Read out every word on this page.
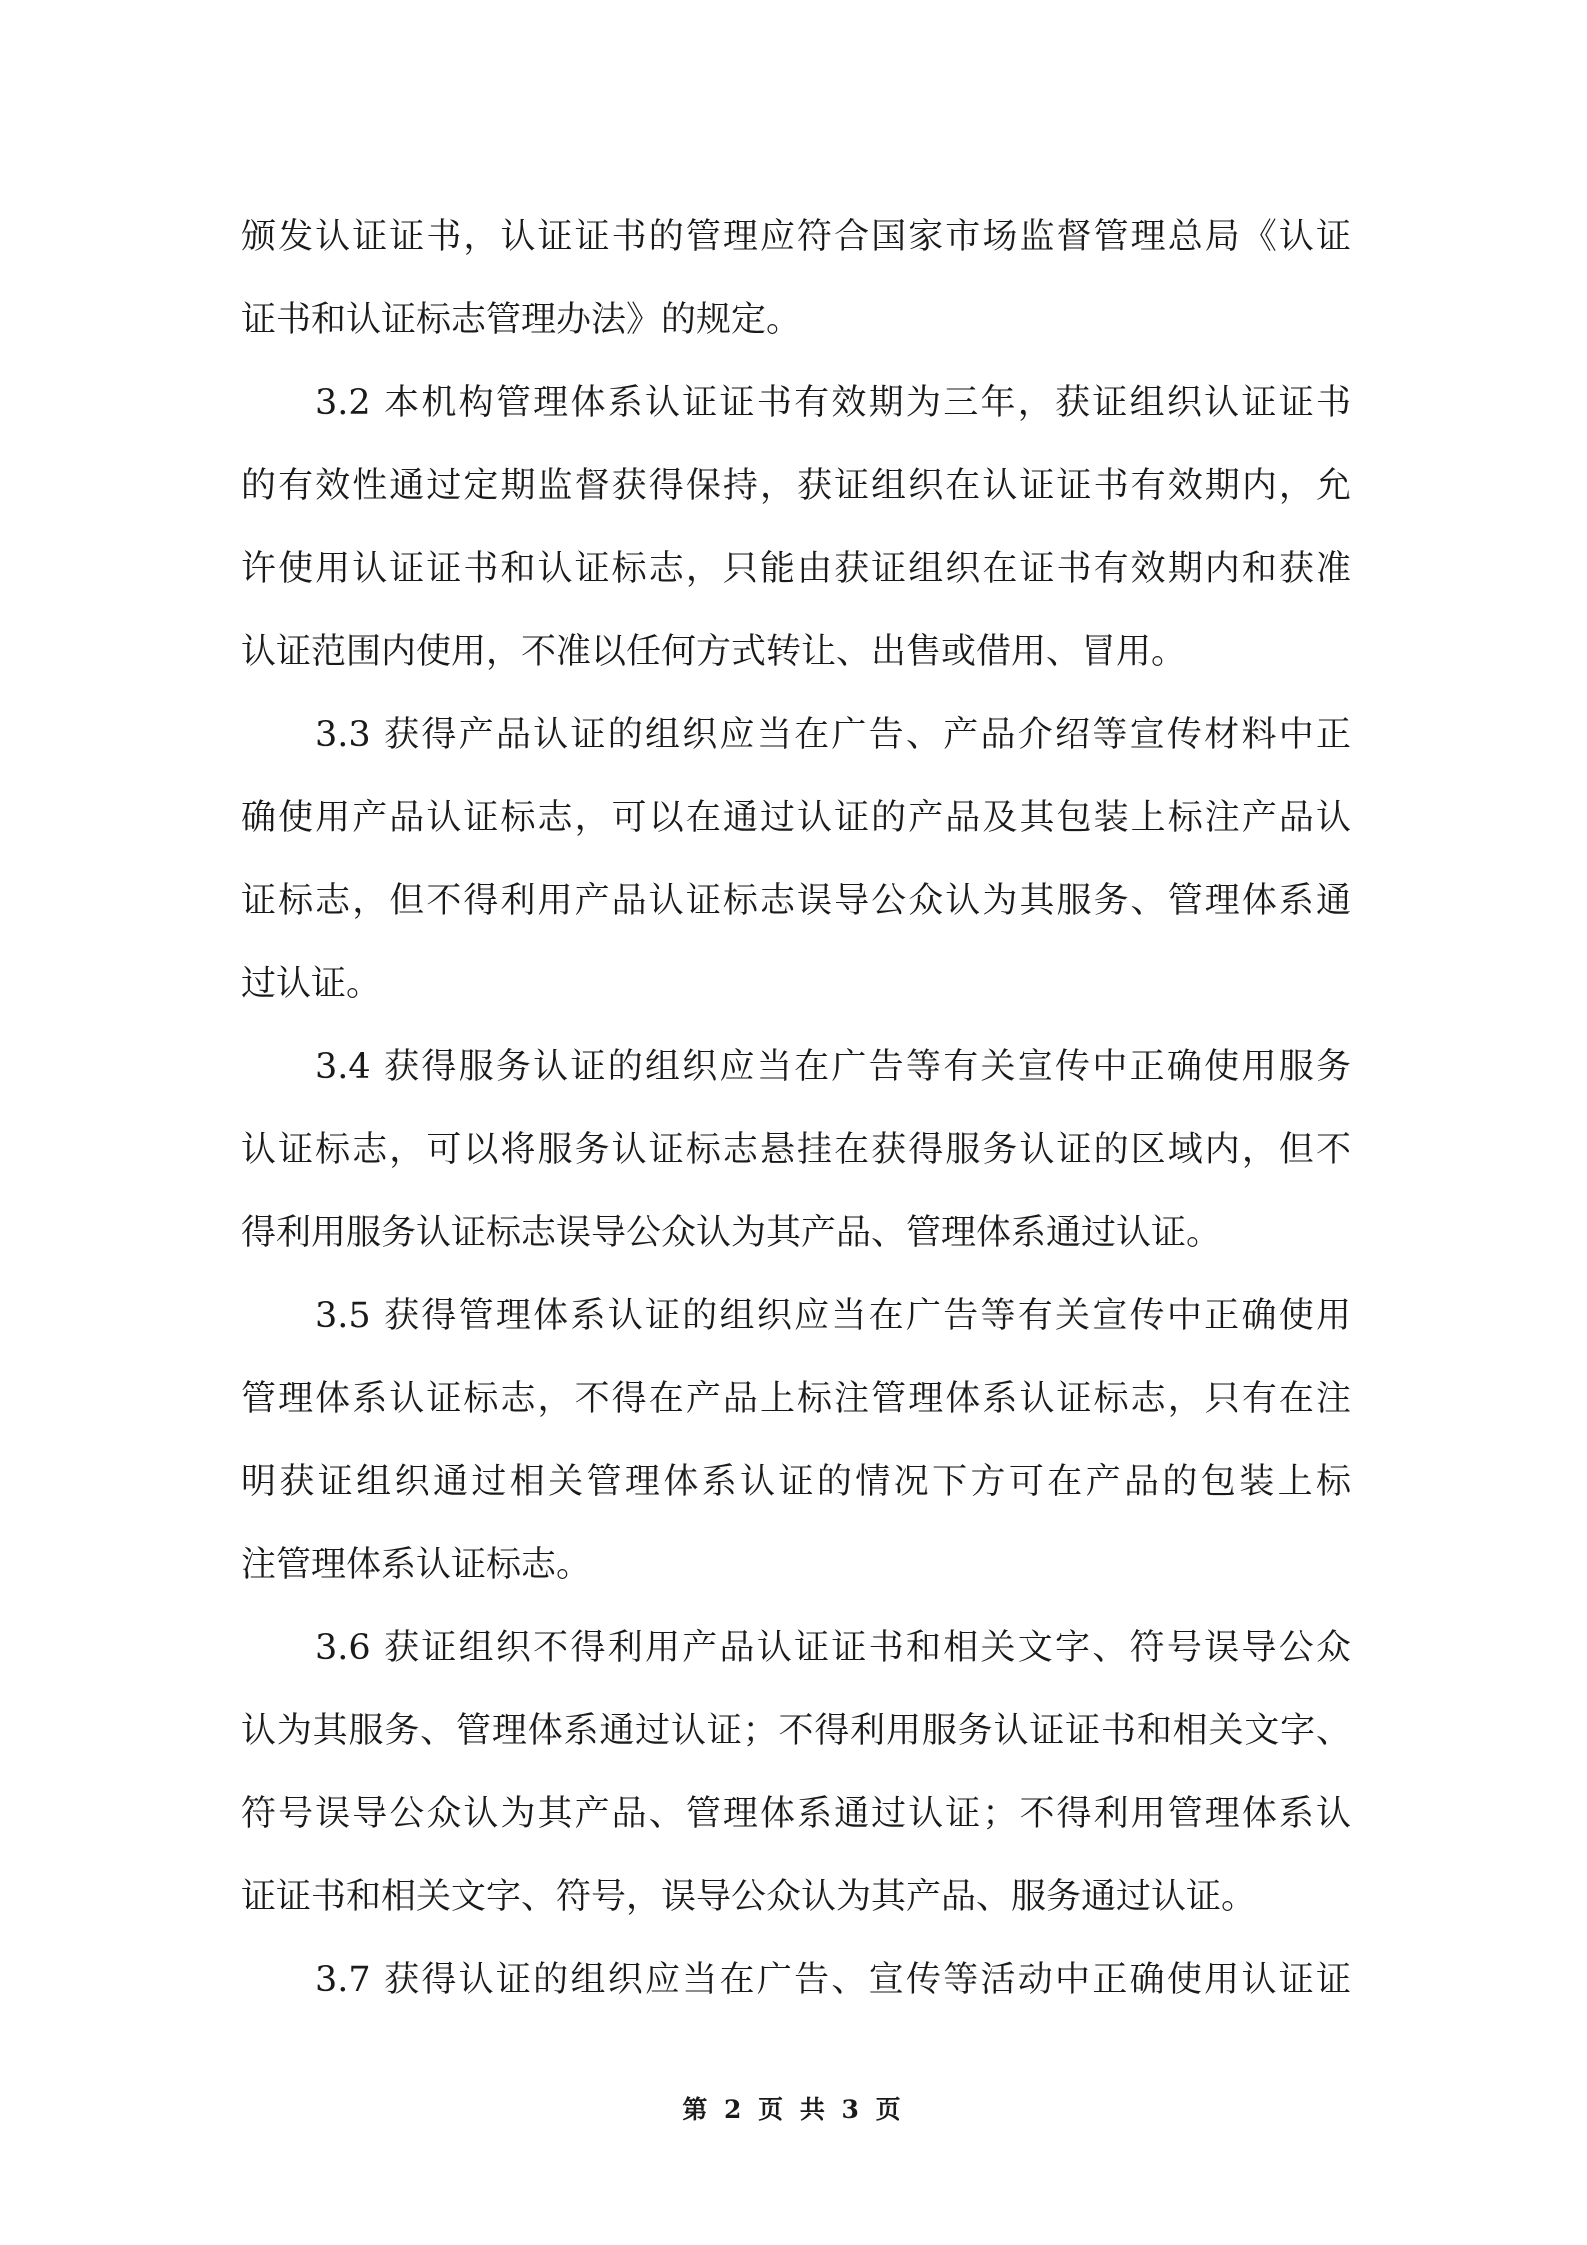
颁发认证证书，认证证书的管理应符合国家市场监督管理总局《认证
证书和认证标志管理办法》的规定。
3.2 本机构管理体系认证证书有效期为三年，获证组织认证证书
的有效性通过定期监督获得保持，获证组织在认证证书有效期内，允
许使用认证证书和认证标志，只能由获证组织在证书有效期内和获准
认证范围内使用，不准以任何方式转让、出售或借用、冒用。
3.3 获得产品认证的组织应当在广告、产品介绍等宣传材料中正
确使用产品认证标志，可以在通过认证的产品及其包装上标注产品认
证标志，但不得利用产品认证标志误导公众认为其服务、管理体系通
过认证。
3.4 获得服务认证的组织应当在广告等有关宣传中正确使用服务
认证标志，可以将服务认证标志悬挂在获得服务认证的区域内，但不
得利用服务认证标志误导公众认为其产品、管理体系通过认证。
3.5 获得管理体系认证的组织应当在广告等有关宣传中正确使用
管理体系认证标志，不得在产品上标注管理体系认证标志，只有在注
明获证组织通过相关管理体系认证的情况下方可在产品的包装上标
注管理体系认证标志。
3.6 获证组织不得利用产品认证证书和相关文字、符号误导公众
认为其服务、管理体系通过认证；不得利用服务认证证书和相关文字、
符号误导公众认为其产品、管理体系通过认证；不得利用管理体系认
证证书和相关文字、符号，误导公众认为其产品、服务通过认证。
3.7 获得认证的组织应当在广告、宣传等活动中正确使用认证证
第 2 页 共 3 页
